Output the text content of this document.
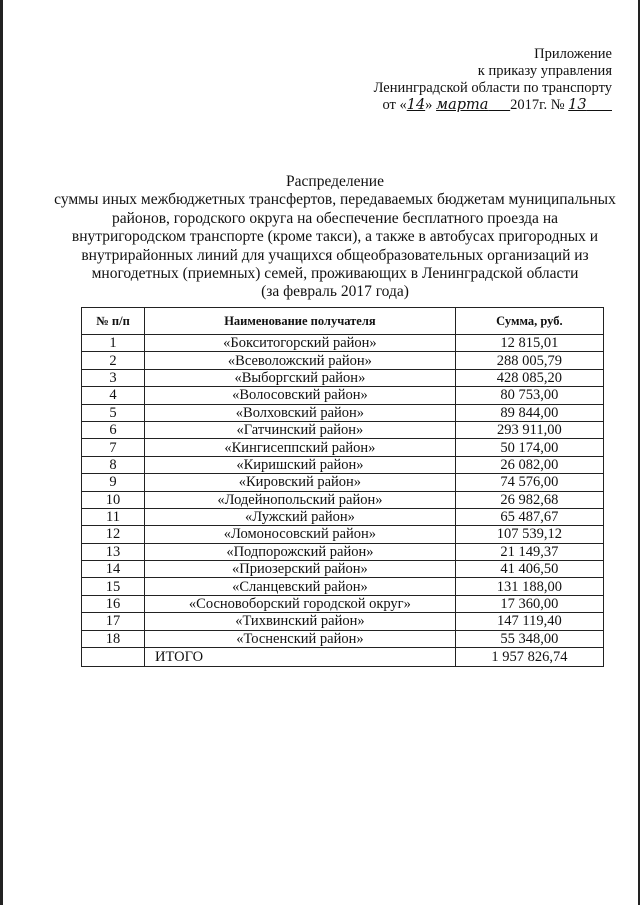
Приложение
к приказу управления
Ленинградской области по транспорту
от «14» марта 2017г. № 13
Распределение
суммы иных межбюджетных трансфертов, передаваемых бюджетам муниципальных
районов, городского округа на обеспечение бесплатного проезда на
внутригородском транспорте (кроме такси), а также в автобусах пригородных и
внутрирайонных линий для учащихся общеобразовательных организаций из
многодетных (приемных) семей, проживающих в Ленинградской области
(за февраль 2017 года)
№ п/п	Наименование получателя	Сумма, руб.
1	«Бокситогорский район»	12 815,01
2	«Всеволожский район»	288 005,79
3	«Выборгский район»	428 085,20
4	«Волосовский район»	80 753,00
5	«Волховский район»	89 844,00
6	«Гатчинский район»	293 911,00
7	«Кингисеппский район»	50 174,00
8	«Киришский район»	26 082,00
9	«Кировский район»	74 576,00
10	«Лодейнопольский район»	26 982,68
11	«Лужский район»	65 487,67
12	«Ломоносовский район»	107 539,12
13	«Подпорожский район»	21 149,37
14	«Приозерский район»	41 406,50
15	«Сланцевский район»	131 188,00
16	«Сосновоборский городской округ»	17 360,00
17	«Тихвинский район»	147 119,40
18	«Тосненский район»	55 348,00
	ИТОГО	1 957 826,74
